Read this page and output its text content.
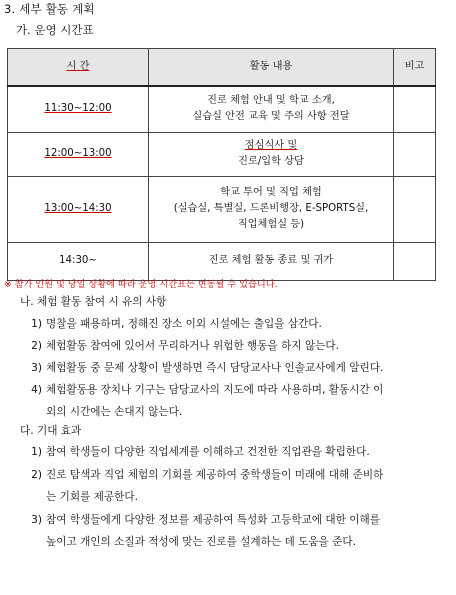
3. 세부 활동 계획
가. 운영 시간표
시 간	활동 내용	비고
11:30~12:00	진로 체험 안내 및 학교 소개,
실습실 안전 교육 및 주의 사항 전달	

12:00~13:00	점심식사 및
진로/입학 상담	

13:00~14:30	학교 투어 및 직업 체험
(실습실, 특별실, 드론비행장, E-SPORTS실,
직업체험실 등)	

14:30~	진로 체험 활동 종료 및 귀가	

※ 참가 인원 및 당일 상황에 따라 운영 시간표는 변동될 수 있습니다.
나. 체험 활동 참여 시 유의 사항
1) 명찰을 패용하며, 정해진 장소 이외 시설에는 출입을 삼간다.
2) 체험활동 참여에 있어서 무리하거나 위험한 행동을 하지 않는다.
3) 체험활동 중 문제 상황이 발생하면 즉시 담당교사나 인솔교사에게 알린다.
4) 체험활동용 장치나 기구는 담당교사의 지도에 따라 사용하며, 활동시간 이
외의 시간에는 손대지 않는다.
다. 기대 효과
1) 참여 학생들이 다양한 직업세계를 이해하고 건전한 직업관을 확립한다.
2) 진로 탐색과 직업 체험의 기회를 제공하여 중학생들이 미래에 대해 준비하
는 기회를 제공한다.
3) 참여 학생들에게 다양한 정보를 제공하여 특성화 고등학교에 대한 이해를
높이고 개인의 소질과 적성에 맞는 진로를 설계하는 데 도움을 준다.
